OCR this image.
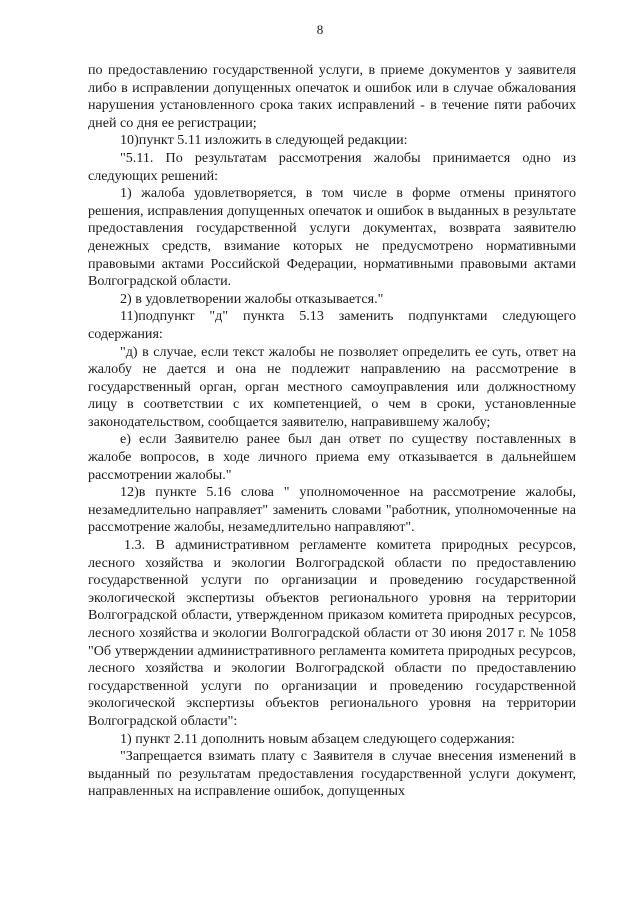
8

по предоставлению государственной услуги, в приеме документов у заявителя либо в исправлении допущенных опечаток и ошибок или в случае обжалования нарушения установленного срока таких исправлений - в течение пяти рабочих дней со дня ее регистрации;

10)пункт 5.11 изложить в следующей редакции:

"5.11. По результатам рассмотрения жалобы принимается одно из следующих решений:

1) жалоба удовлетворяется, в том числе в форме отмены принятого решения, исправления допущенных опечаток и ошибок в выданных в результате предоставления государственной услуги документах, возврата заявителю денежных средств, взимание которых не предусмотрено нормативными правовыми актами Российской Федерации, нормативными правовыми актами Волгоградской области.

2) в удовлетворении жалобы отказывается."

11)подпункт "д" пункта 5.13 заменить подпунктами следующего содержания:

"д) в случае, если текст жалобы не позволяет определить ее суть, ответ на жалобу не дается и она не подлежит направлению на рассмотрение в государственный орган, орган местного самоуправления или должностному лицу в соответствии с их компетенцией, о чем в сроки, установленные законодательством, сообщается заявителю, направившему жалобу;

е) если Заявителю ранее был дан ответ по существу поставленных в жалобе вопросов, в ходе личного приема ему отказывается в дальнейшем рассмотрении жалобы."

12)в пункте 5.16 слова " уполномоченное на рассмотрение жалобы, незамедлительно направляет" заменить словами "работник, уполномоченные на рассмотрение жалобы, незамедлительно направляют".

1.3. В административном регламенте комитета природных ресурсов, лесного хозяйства и экологии Волгоградской области по предоставлению государственной услуги по организации и проведению государственной экологической экспертизы объектов регионального уровня на территории Волгоградской области, утвержденном приказом комитета природных ресурсов, лесного хозяйства и экологии Волгоградской области от 30 июня 2017 г. № 1058 "Об утверждении административного регламента комитета природных ресурсов, лесного хозяйства и экологии Волгоградской области по предоставлению государственной услуги по организации и проведению государственной экологической экспертизы объектов регионального уровня на территории Волгоградской области":

1) пункт 2.11 дополнить новым абзацем следующего содержания:

"Запрещается взимать плату с Заявителя в случае внесения изменений в выданный по результатам предоставления государственной услуги документ, направленных на исправление ошибок, допущенных
